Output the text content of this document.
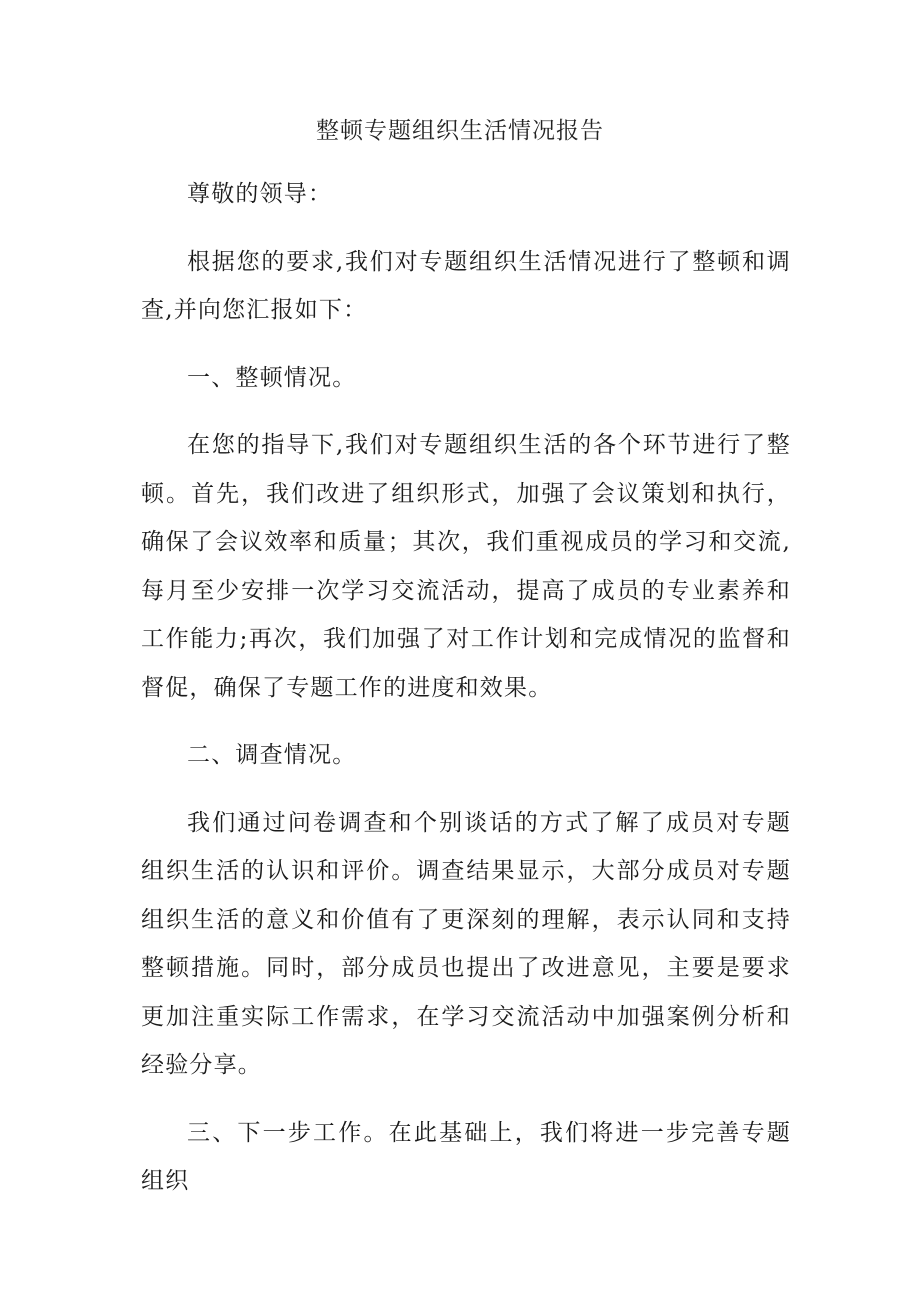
整顿专题组织生活情况报告

尊敬的领导：

根据您的要求,我们对专题组织生活情况进行了整顿和调查,并向您汇报如下：

一、整顿情况。

在您的指导下,我们对专题组织生活的各个环节进行了整顿。首先，我们改进了组织形式，加强了会议策划和执行，确保了会议效率和质量；其次，我们重视成员的学习和交流,每月至少安排一次学习交流活动，提高了成员的专业素养和工作能力;再次，我们加强了对工作计划和完成情况的监督和督促，确保了专题工作的进度和效果。

二、调查情况。

我们通过问卷调查和个别谈话的方式了解了成员对专题组织生活的认识和评价。调查结果显示，大部分成员对专题组织生活的意义和价值有了更深刻的理解，表示认同和支持整顿措施。同时，部分成员也提出了改进意见，主要是要求更加注重实际工作需求，在学习交流活动中加强案例分析和经验分享。

三、下一步工作。在此基础上，我们将进一步完善专题组织
